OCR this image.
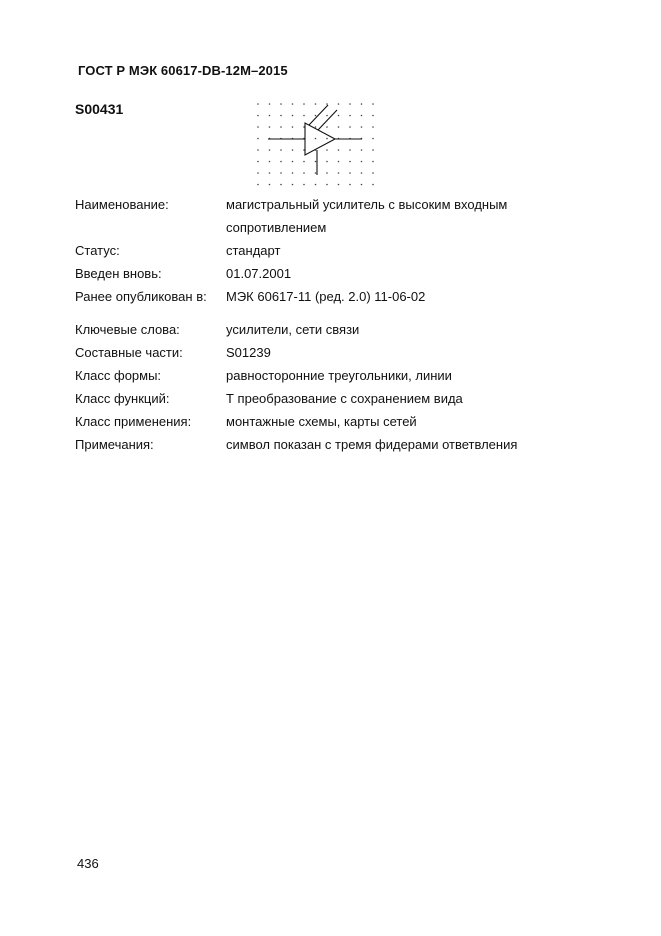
ГОСТ Р МЭК 60617-DB-12M–2015
S00431
Наименование:	магистральный усилитель с высоким входным сопротивлением
Статус:	стандарт
Введен вновь:	01.07.2001
Ранее опубликован в: МЭК 60617-11 (ред. 2.0) 11-06-02
Ключевые слова:	усилители, сети связи
Составные части:	S01239
Класс формы:	равносторонние треугольники, линии
Класс функций:	Т преобразование с сохранением вида
Класс применения:	монтажные схемы, карты сетей
Примечания:	символ показан с тремя фидерами ответвления
436
